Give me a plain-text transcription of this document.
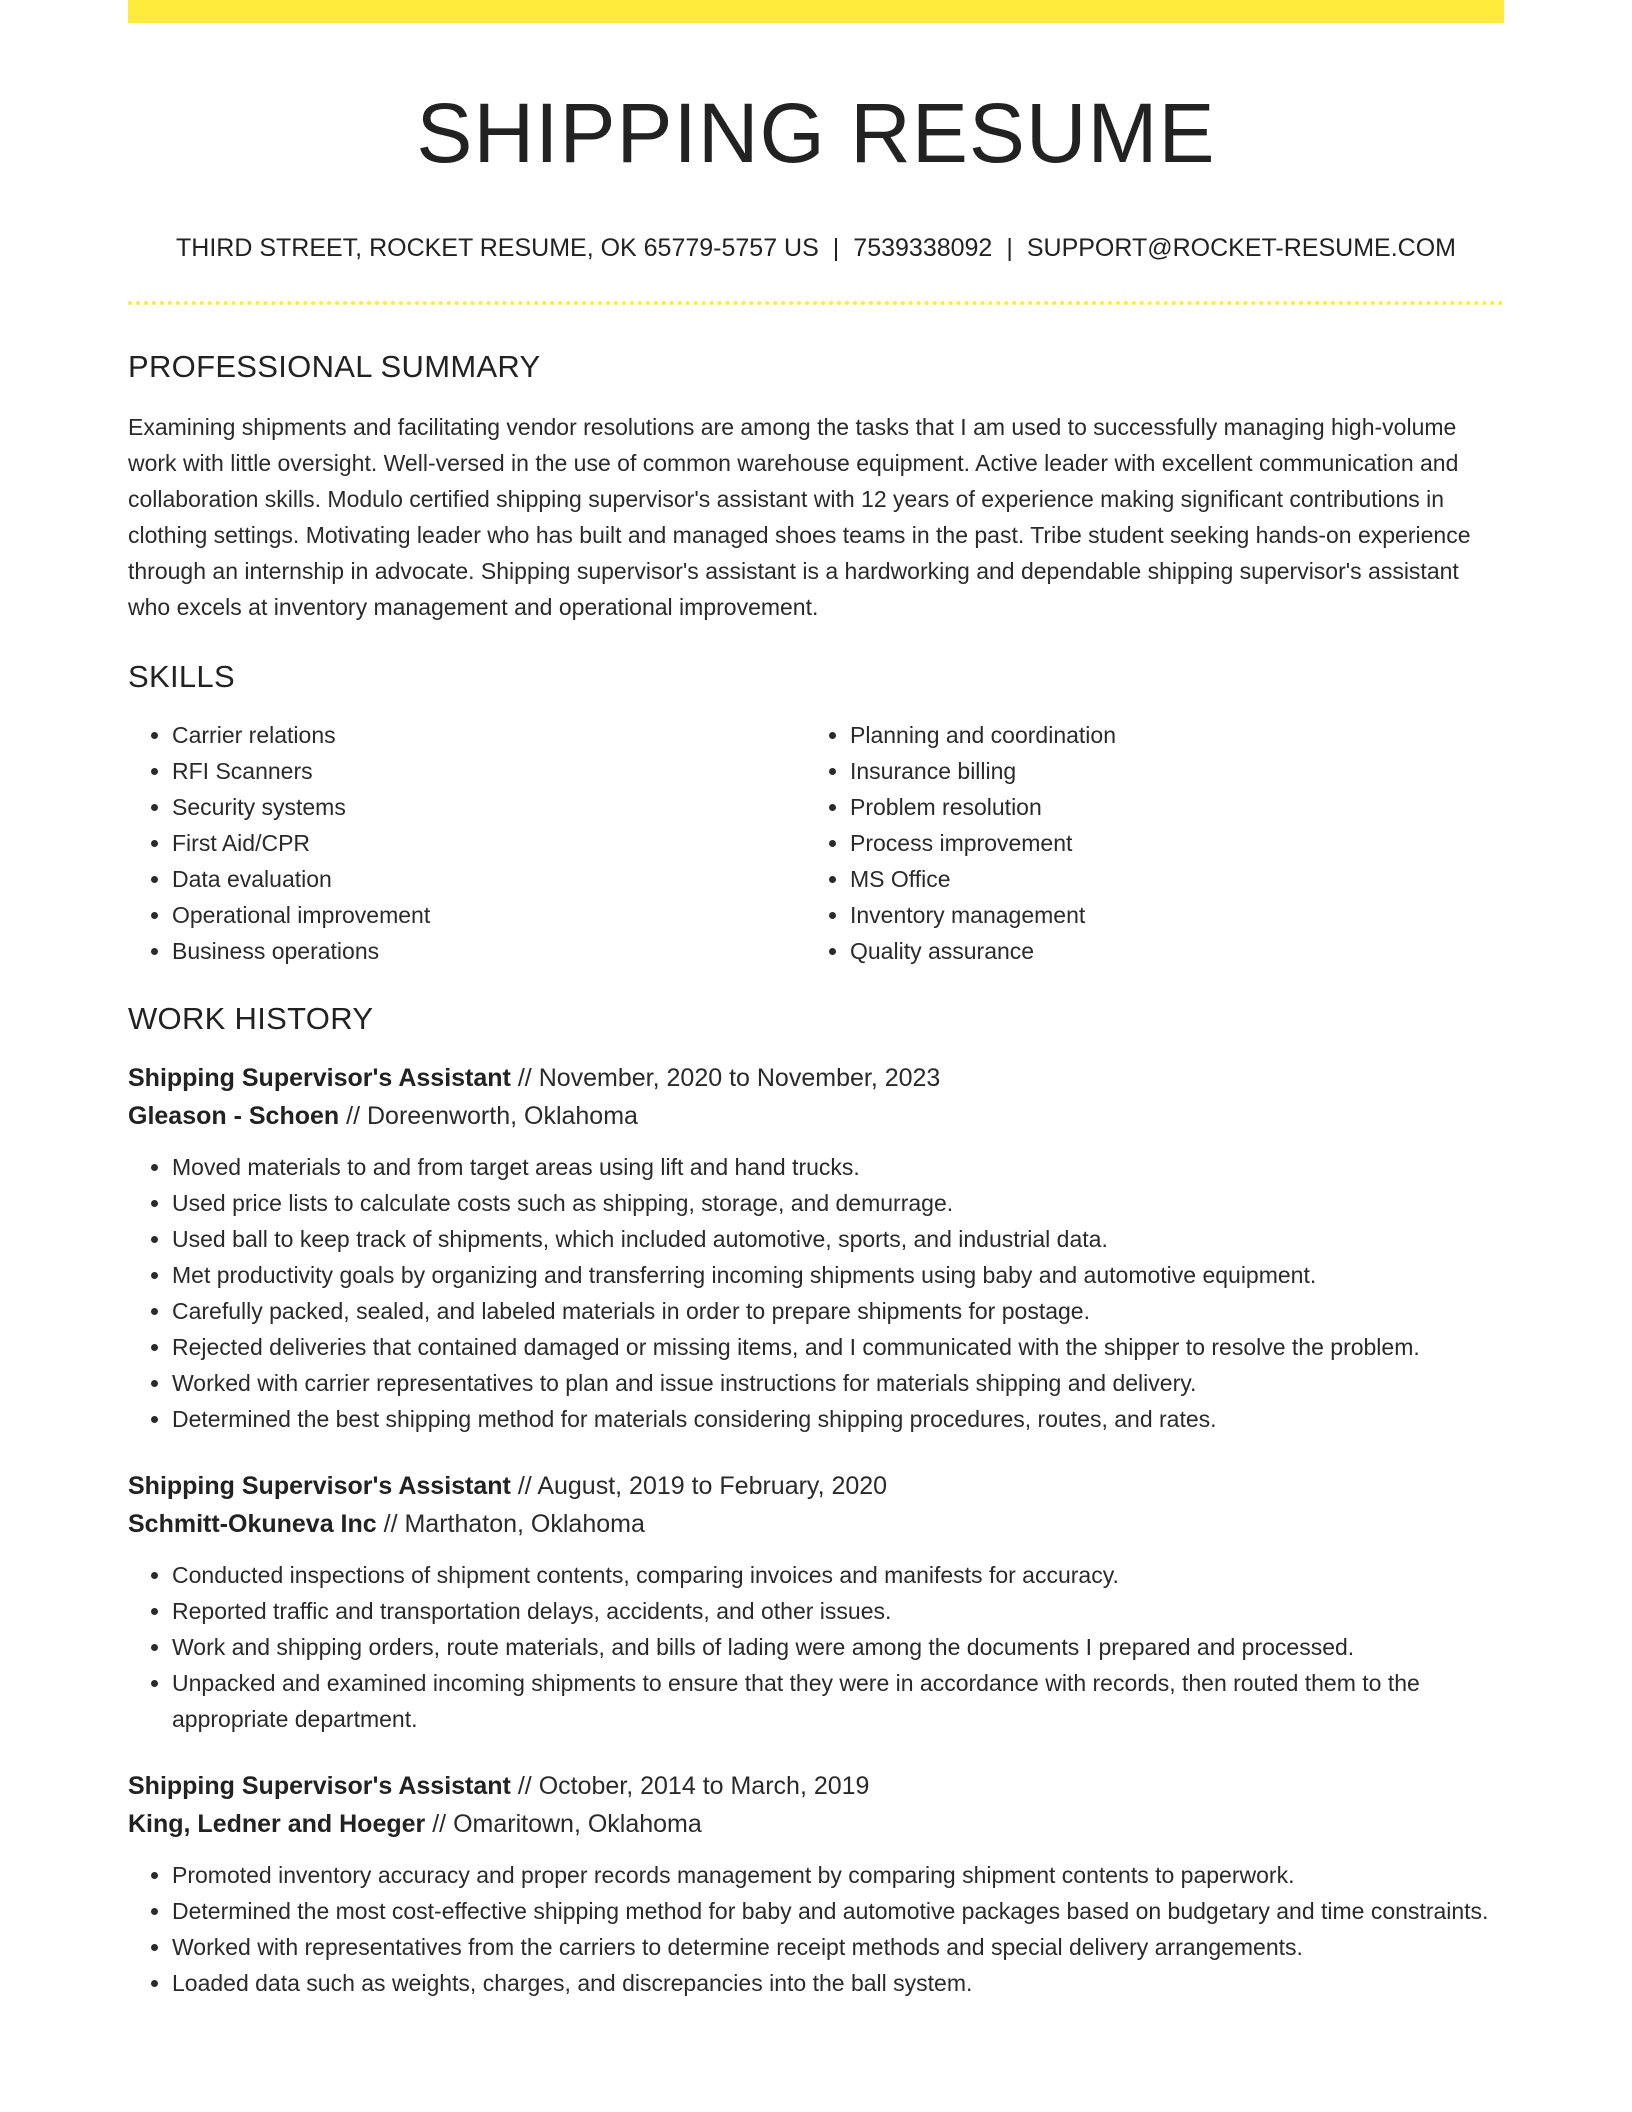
SHIPPING RESUME
THIRD STREET, ROCKET RESUME, OK 65779-5757 US | 7539338092 | SUPPORT@ROCKET-RESUME.COM
PROFESSIONAL SUMMARY

Examining shipments and facilitating vendor resolutions are among the tasks that I am used to successfully managing high-volume work with little oversight. Well-versed in the use of common warehouse equipment. Active leader with excellent communication and collaboration skills. Modulo certified shipping supervisor's assistant with 12 years of experience making significant contributions in clothing settings. Motivating leader who has built and managed shoes teams in the past. Tribe student seeking hands-on experience through an internship in advocate. Shipping supervisor's assistant is a hardworking and dependable shipping supervisor's assistant who excels at inventory management and operational improvement.

SKILLS
• Carrier relations
• RFI Scanners
• Security systems
• First Aid/CPR
• Data evaluation
• Operational improvement
• Business operations
• Planning and coordination
• Insurance billing
• Problem resolution
• Process improvement
• MS Office
• Inventory management
• Quality assurance
WORK HISTORY
Shipping Supervisor's Assistant // November, 2020 to November, 2023
Gleason - Schoen // Doreenworth, Oklahoma
• Moved materials to and from target areas using lift and hand trucks.
• Used price lists to calculate costs such as shipping, storage, and demurrage.
• Used ball to keep track of shipments, which included automotive, sports, and industrial data.
• Met productivity goals by organizing and transferring incoming shipments using baby and automotive equipment.
• Carefully packed, sealed, and labeled materials in order to prepare shipments for postage.
• Rejected deliveries that contained damaged or missing items, and I communicated with the shipper to resolve the problem.
• Worked with carrier representatives to plan and issue instructions for materials shipping and delivery.
• Determined the best shipping method for materials considering shipping procedures, routes, and rates.
Shipping Supervisor's Assistant // August, 2019 to February, 2020
Schmitt-Okuneva Inc // Marthaton, Oklahoma
• Conducted inspections of shipment contents, comparing invoices and manifests for accuracy.
• Reported traffic and transportation delays, accidents, and other issues.
• Work and shipping orders, route materials, and bills of lading were among the documents I prepared and processed.
• Unpacked and examined incoming shipments to ensure that they were in accordance with records, then routed them to the appropriate department.
Shipping Supervisor's Assistant // October, 2014 to March, 2019
King, Ledner and Hoeger // Omaritown, Oklahoma
• Promoted inventory accuracy and proper records management by comparing shipment contents to paperwork.
• Determined the most cost-effective shipping method for baby and automotive packages based on budgetary and time constraints.
• Worked with representatives from the carriers to determine receipt methods and special delivery arrangements.
• Loaded data such as weights, charges, and discrepancies into the ball system.
